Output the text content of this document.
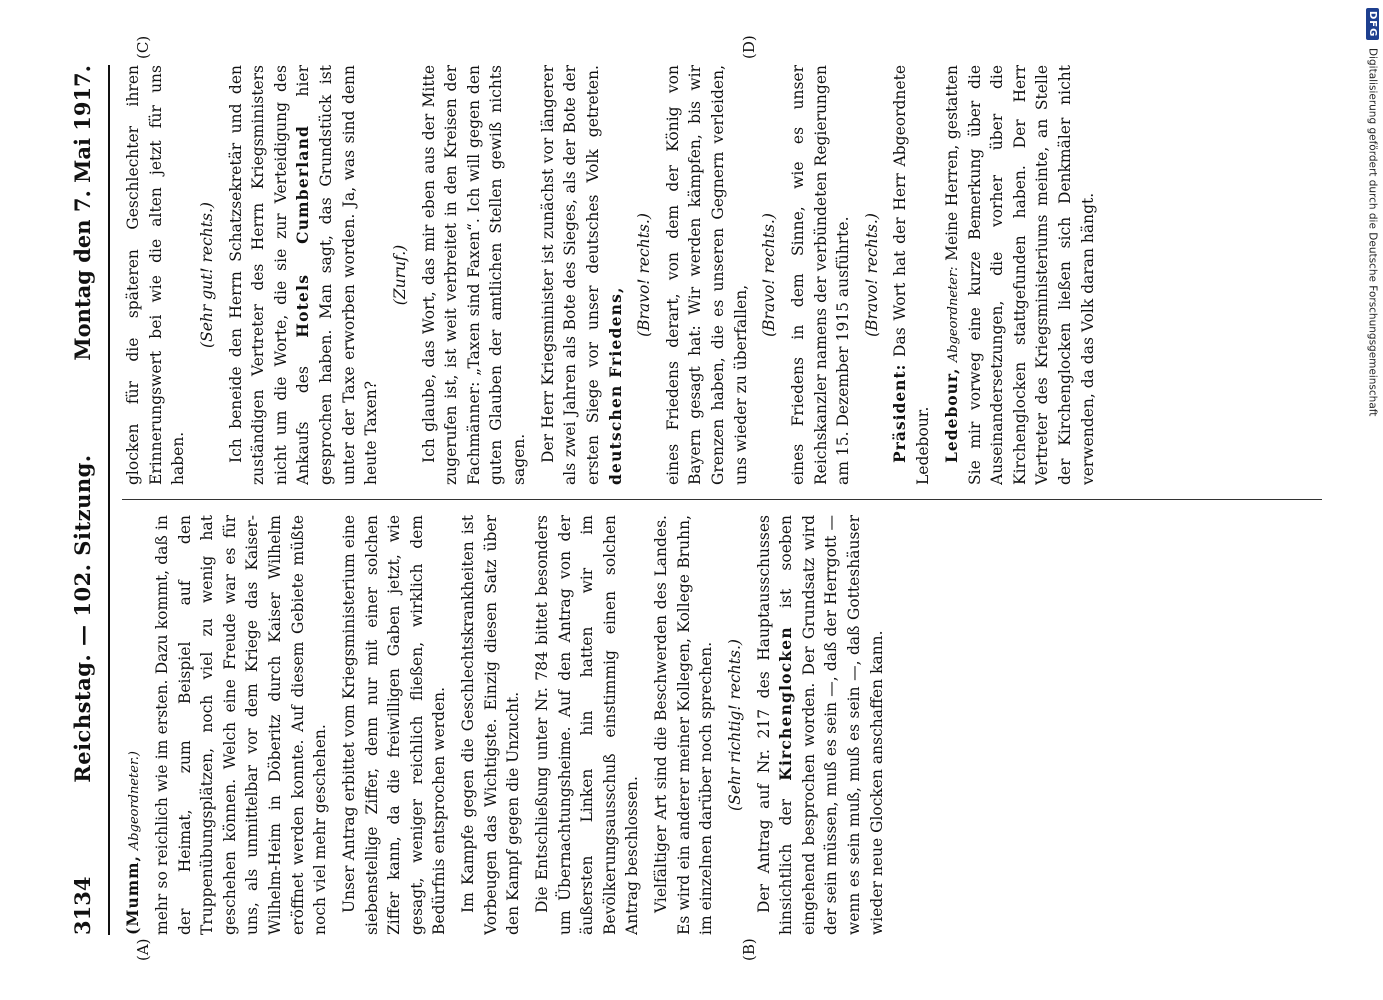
3134
Reichstag. — 102. Sitzung.
Montag den 7. Mai 1917.
(A)	(B)
(C)	(D)

(Mumm, Abgeordneter.) mehr so reichlich wie im ersten. Dazu kommt, daß in der Heimat, zum Beispiel auf den Truppenübungsplätzen, noch viel zu wenig hat geschehen können. Welch eine Freude war es für uns, als unmittelbar vor dem Kriege das Kaiser-Wilhelm-Heim in Döberitz durch Kaiser Wilhelm eröffnet werden konnte. Auf diesem Gebiete müßte noch viel mehr geschehen. Unser Antrag erbittet vom Kriegsministerium eine siebenstellige Ziffer, denn nur mit einer solchen Ziffer kann, da die freiwilligen Gaben jetzt, wie gesagt, weniger reichlich fließen, wirklich dem Bedürfnis entsprochen werden. Im Kampfe gegen die Geschlechtskrankheiten ist Vorbeugen das Wichtigste. Einzig diesen Satz über den Kampf gegen die Unzucht. Die Entschließung unter Nr. 784 bittet besonders um Übernachtungsheime. Auf den Antrag von der äußersten Linken hin hatten wir im Bevölkerungsausschuß einstimmig einen solchen Antrag beschlossen. Vielfältiger Art sind die Beschwerden des Landes. Es wird ein anderer meiner Kollegen, Kollege Bruhn, im einzelnen darüber noch sprechen. (Sehr richtig! rechts.) Der Antrag auf Nr. 217 des Hauptausschusses hinsichtlich der Kirchenglocken ist soeben eingehend besprochen worden. Der Grundsatz wird der sein müssen, muß es sein —, daß der Herrgott — wenn es sein muß, muß es sein —, daß Gotteshäuser wieder neue Glocken anschaffen kann.

glocken für die späteren Geschlechter ihren Erinnerungswert bei wie die alten jetzt für uns haben.

(Sehr gut! rechts.) Ich beneide den Herrn Schatzsekretär und den zuständigen Vertreter des Herrn Kriegsministers nicht um die Worte, die sie zur Verteidigung des Ankaufs des Hotels Cumberland hier gesprochen haben. Man sagt, das Grundstück ist unter der Taxe erworben worden. Ja, was sind denn heute Taxen?

(Zuruf.) Ich glaube, das Wort, das mir eben aus der Mitte zugerufen ist, ist weit verbreitet in den Kreisen der Fachmänner: „Taxen sind Faxen“. Ich will gegen den guten Glauben der amtlichen Stellen gewiß nichts sagen. Der Herr Kriegsminister ist zunächst vor längerer als zwei Jahren als Bote des Sieges, als der Bote der ersten Siege vor unser deutsches Volk getreten. deutschen Friedens,

(Bravo! rechts.) eines Friedens derart, von dem der König von Bayern gesagt hat: Wir werden kämpfen, bis wir Grenzen haben, die es unseren Gegnern verleiden, uns wieder zu überfallen,

(Bravo! rechts.) eines Friedens in dem Sinne, wie es unser Reichskanzler namens der verbündeten Regierungen am 15. Dezember 1915 ausführte. (Bravo! rechts.)

Präsident: Das Wort hat der Herr Abgeordnete Ledebour. Ledebour, Abgeordneter: Meine Herren, gestatten Sie mir vorweg eine kurze Bemerkung über die Auseinandersetzungen, die vorher über die Kirchenglocken stattgefunden haben. Der Herr Vertreter des Kriegsministeriums meinte, an Stelle der Kirchenglocken ließen sich Denkmäler nicht verwenden, da das Volk daran hängt.

DFG
Digitalisierung gefördert durch die Deutsche Forschungsgemeinschaft
